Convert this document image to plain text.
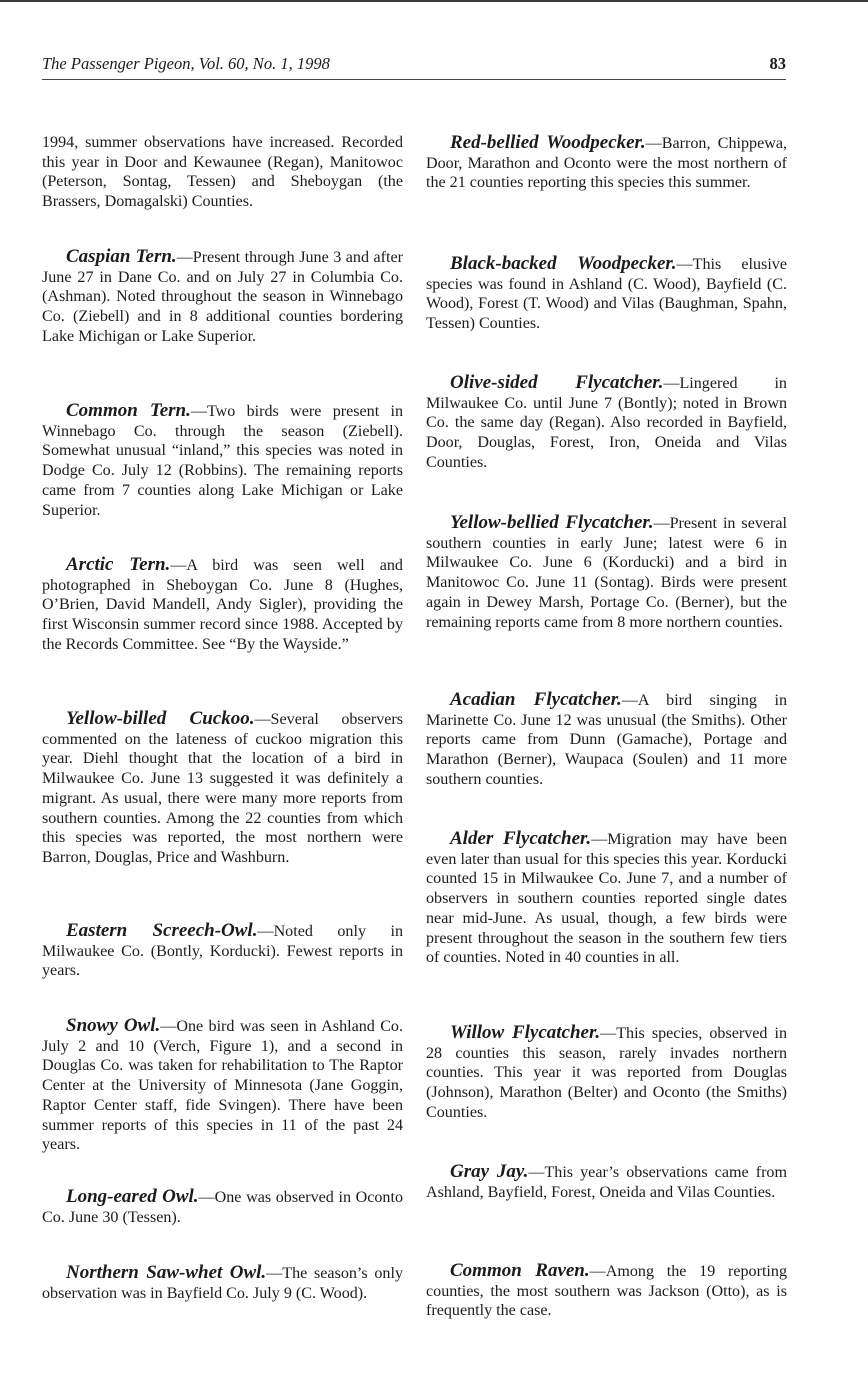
The Passenger Pigeon, Vol. 60, No. 1, 1998	83

1994, summer observations have increased. Recorded this year in Door and Kewaunee (Regan), Manitowoc (Peterson, Sontag, Tessen) and Sheboygan (the Brassers, Domagalski) Counties.

Caspian Tern.—Present through June 3 and after June 27 in Dane Co. and on July 27 in Columbia Co. (Ashman). Noted throughout the season in Winnebago Co. (Ziebell) and in 8 additional counties bordering Lake Michigan or Lake Superior.

Common Tern.—Two birds were present in Winnebago Co. through the season (Ziebell). Somewhat unusual “inland,” this species was noted in Dodge Co. July 12 (Robbins). The remaining reports came from 7 counties along Lake Michigan or Lake Superior.

Arctic Tern.—A bird was seen well and photographed in Sheboygan Co. June 8 (Hughes, O’Brien, David Mandell, Andy Sigler), providing the first Wisconsin summer record since 1988. Accepted by the Records Committee. See “By the Wayside.”

Yellow-billed Cuckoo.—Several observers commented on the lateness of cuckoo migration this year. Diehl thought that the location of a bird in Milwaukee Co. June 13 suggested it was definitely a migrant. As usual, there were many more reports from southern counties. Among the 22 counties from which this species was reported, the most northern were Barron, Douglas, Price and Washburn.

Eastern Screech-Owl.—Noted only in Milwaukee Co. (Bontly, Korducki). Fewest reports in years.

Snowy Owl.—One bird was seen in Ashland Co. July 2 and 10 (Verch, Figure 1), and a second in Douglas Co. was taken for rehabilitation to The Raptor Center at the University of Minnesota (Jane Goggin, Raptor Center staff, fide Svingen). There have been summer reports of this species in 11 of the past 24 years.

Long-eared Owl.—One was observed in Oconto Co. June 30 (Tessen).

Northern Saw-whet Owl.—The season’s only observation was in Bayfield Co. July 9 (C. Wood).

Red-bellied Woodpecker.—Barron, Chippewa, Door, Marathon and Oconto were the most northern of the 21 counties reporting this species this summer.

Black-backed Woodpecker.—This elusive species was found in Ashland (C. Wood), Bayfield (C. Wood), Forest (T. Wood) and Vilas (Baughman, Spahn, Tessen) Counties.

Olive-sided Flycatcher.—Lingered in Milwaukee Co. until June 7 (Bontly); noted in Brown Co. the same day (Regan). Also recorded in Bayfield, Door, Douglas, Forest, Iron, Oneida and Vilas Counties.

Yellow-bellied Flycatcher.—Present in several southern counties in early June; latest were 6 in Milwaukee Co. June 6 (Korducki) and a bird in Manitowoc Co. June 11 (Sontag). Birds were present again in Dewey Marsh, Portage Co. (Berner), but the remaining reports came from 8 more northern counties.

Acadian Flycatcher.—A bird singing in Marinette Co. June 12 was unusual (the Smiths). Other reports came from Dunn (Gamache), Portage and Marathon (Berner), Waupaca (Soulen) and 11 more southern counties.

Alder Flycatcher.—Migration may have been even later than usual for this species this year. Korducki counted 15 in Milwaukee Co. June 7, and a number of observers in southern counties reported single dates near mid-June. As usual, though, a few birds were present throughout the season in the southern few tiers of counties. Noted in 40 counties in all.

Willow Flycatcher.—This species, observed in 28 counties this season, rarely invades northern counties. This year it was reported from Douglas (Johnson), Marathon (Belter) and Oconto (the Smiths) Counties.

Gray Jay.—This year’s observations came from Ashland, Bayfield, Forest, Oneida and Vilas Counties.

Common Raven.—Among the 19 reporting counties, the most southern was Jackson (Otto), as is frequently the case.
